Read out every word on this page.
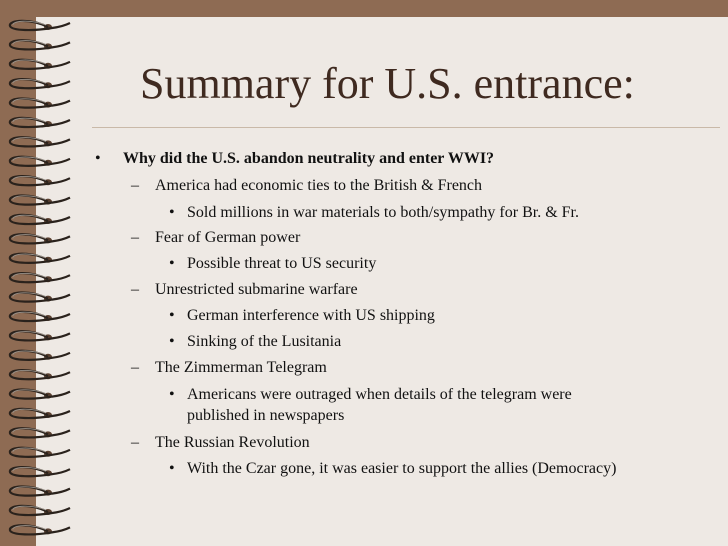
Summary for U.S. entrance:
• Why did the U.S. abandon neutrality and enter WWI?
– America had economic ties to the British & French
• Sold millions in war materials to both/sympathy for Br. & Fr.
– Fear of German power
• Possible threat to US security
– Unrestricted submarine warfare
• German interference with US shipping
• Sinking of the Lusitania
– The Zimmerman Telegram
• Americans were outraged when details of the telegram were
published in newspapers
– The Russian Revolution
• With the Czar gone, it was easier to support the allies (Democracy)
